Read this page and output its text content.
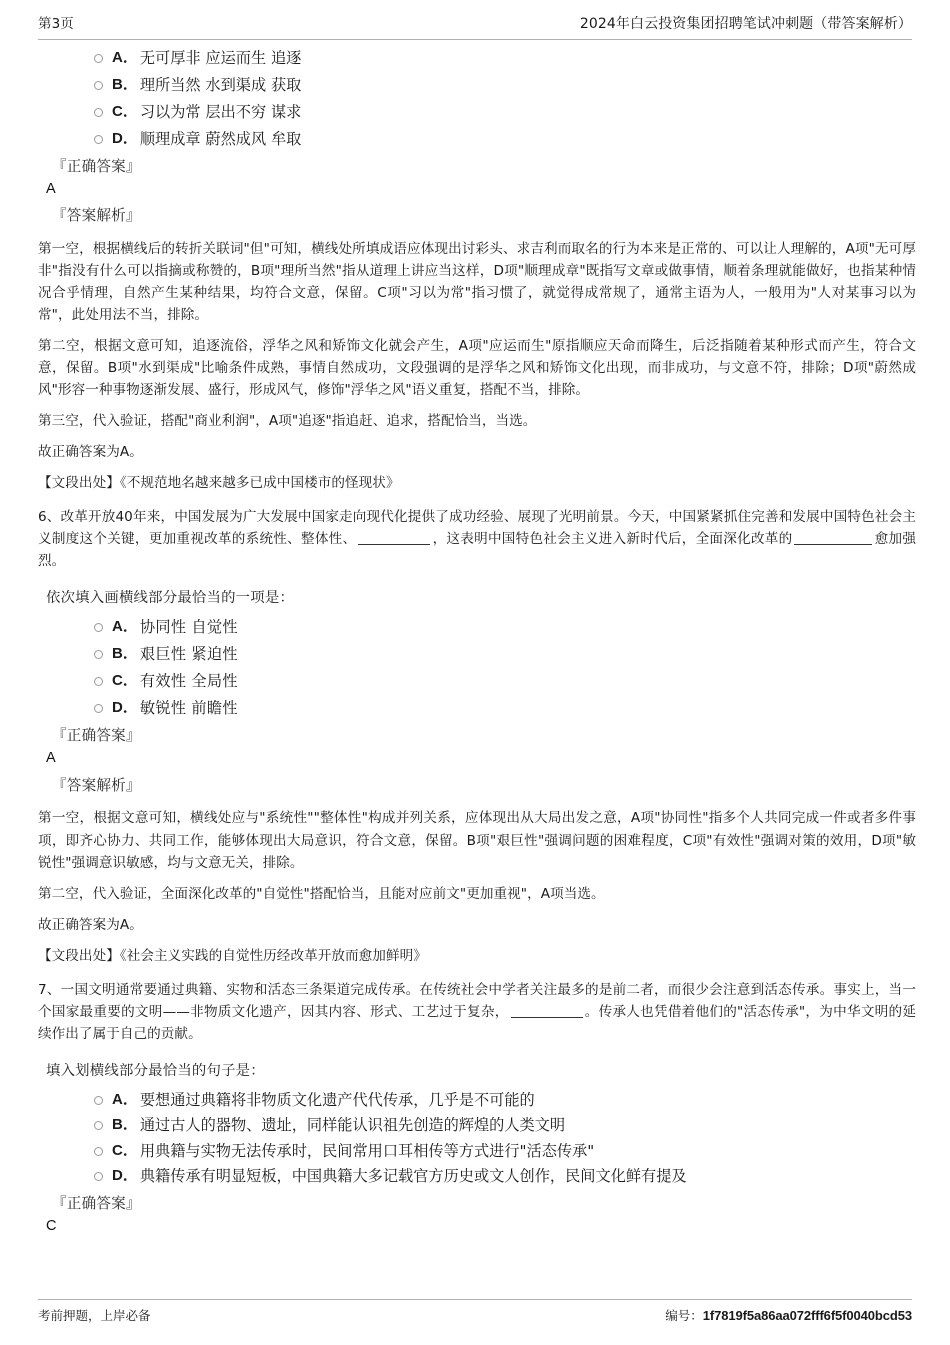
第3页	2024年白云投资集团招聘笔试冲刺题（带答案解析）
A． 无可厚非 应运而生 追逐
B． 理所当然 水到渠成 获取
C． 习以为常 层出不穷 谋求
D． 顺理成章 蔚然成风 牟取
『正确答案』
A
『答案解析』
第一空，根据横线后的转折关联词"但"可知，横线处所填成语应体现出讨彩头、求吉利而取名的行为本来是正常的、可以让人理解的，A项"无可厚非"指没有什么可以指摘或称赞的，B项"理所当然"指从道理上讲应当这样，D项"顺理成章"既指写文章或做事情，顺着条理就能做好，也指某种情况合乎情理，自然产生某种结果，均符合文意，保留。C项"习以为常"指习惯了，就觉得成常规了，通常主语为人，一般用为"人对某事习以为常"，此处用法不当，排除。
第二空，根据文意可知，追逐流俗，浮华之风和矫饰文化就会产生，A项"应运而生"原指顺应天命而降生，后泛指随着某种形式而产生，符合文意，保留。B项"水到渠成"比喻条件成熟，事情自然成功，文段强调的是浮华之风和矫饰文化出现，而非成功，与文意不符，排除；D项"蔚然成风"形容一种事物逐渐发展、盛行，形成风气，修饰"浮华之风"语义重复，搭配不当，排除。
第三空，代入验证，搭配"商业利润"，A项"追逐"指追赶、追求，搭配恰当，当选。
故正确答案为A。
【文段出处】《不规范地名越来越多已成中国楼市的怪现状》
6、改革开放40年来，中国发展为广大发展中国家走向现代化提供了成功经验、展现了光明前景。今天，中国紧紧抓住完善和发展中国特色社会主义制度这个关键，更加重视改革的系统性、整体性、	，这表明中国特色社会主义进入新时代后，全面深化改革的	愈加强烈。
依次填入画横线部分最恰当的一项是：
A． 协同性 自觉性
B． 艰巨性 紧迫性
C． 有效性 全局性
D． 敏锐性 前瞻性
『正确答案』
A
『答案解析』
第一空，根据文意可知，横线处应与"系统性""整体性"构成并列关系，应体现出从大局出发之意，A项"协同性"指多个人共同完成一件或者多件事项，即齐心协力、共同工作，能够体现出大局意识，符合文意，保留。B项"艰巨性"强调问题的困难程度，C项"有效性"强调对策的效用，D项"敏锐性"强调意识敏感，均与文意无关，排除。
第二空，代入验证，全面深化改革的"自觉性"搭配恰当，且能对应前文"更加重视"，A项当选。
故正确答案为A。
【文段出处】《社会主义实践的自觉性历经改革开放而愈加鲜明》
7、一国文明通常要通过典籍、实物和活态三条渠道完成传承。在传统社会中学者关注最多的是前二者，而很少会注意到活态传承。事实上，当一个国家最重要的文明——非物质文化遗产，因其内容、形式、工艺过于复杂，	。传承人也凭借着他们的"活态传承"，为中华文明的延续作出了属于自己的贡献。
填入划横线部分最恰当的句子是：
A． 要想通过典籍将非物质文化遗产代代传承，几乎是不可能的
B． 通过古人的器物、遗址，同样能认识祖先创造的辉煌的人类文明
C． 用典籍与实物无法传承时，民间常用口耳相传等方式进行"活态传承"
D． 典籍传承有明显短板，中国典籍大多记载官方历史或文人创作，民间文化鲜有提及
『正确答案』
C
考前押题，上岸必备	编号：1f7819f5a86aa072fff6f5f0040bcd53
